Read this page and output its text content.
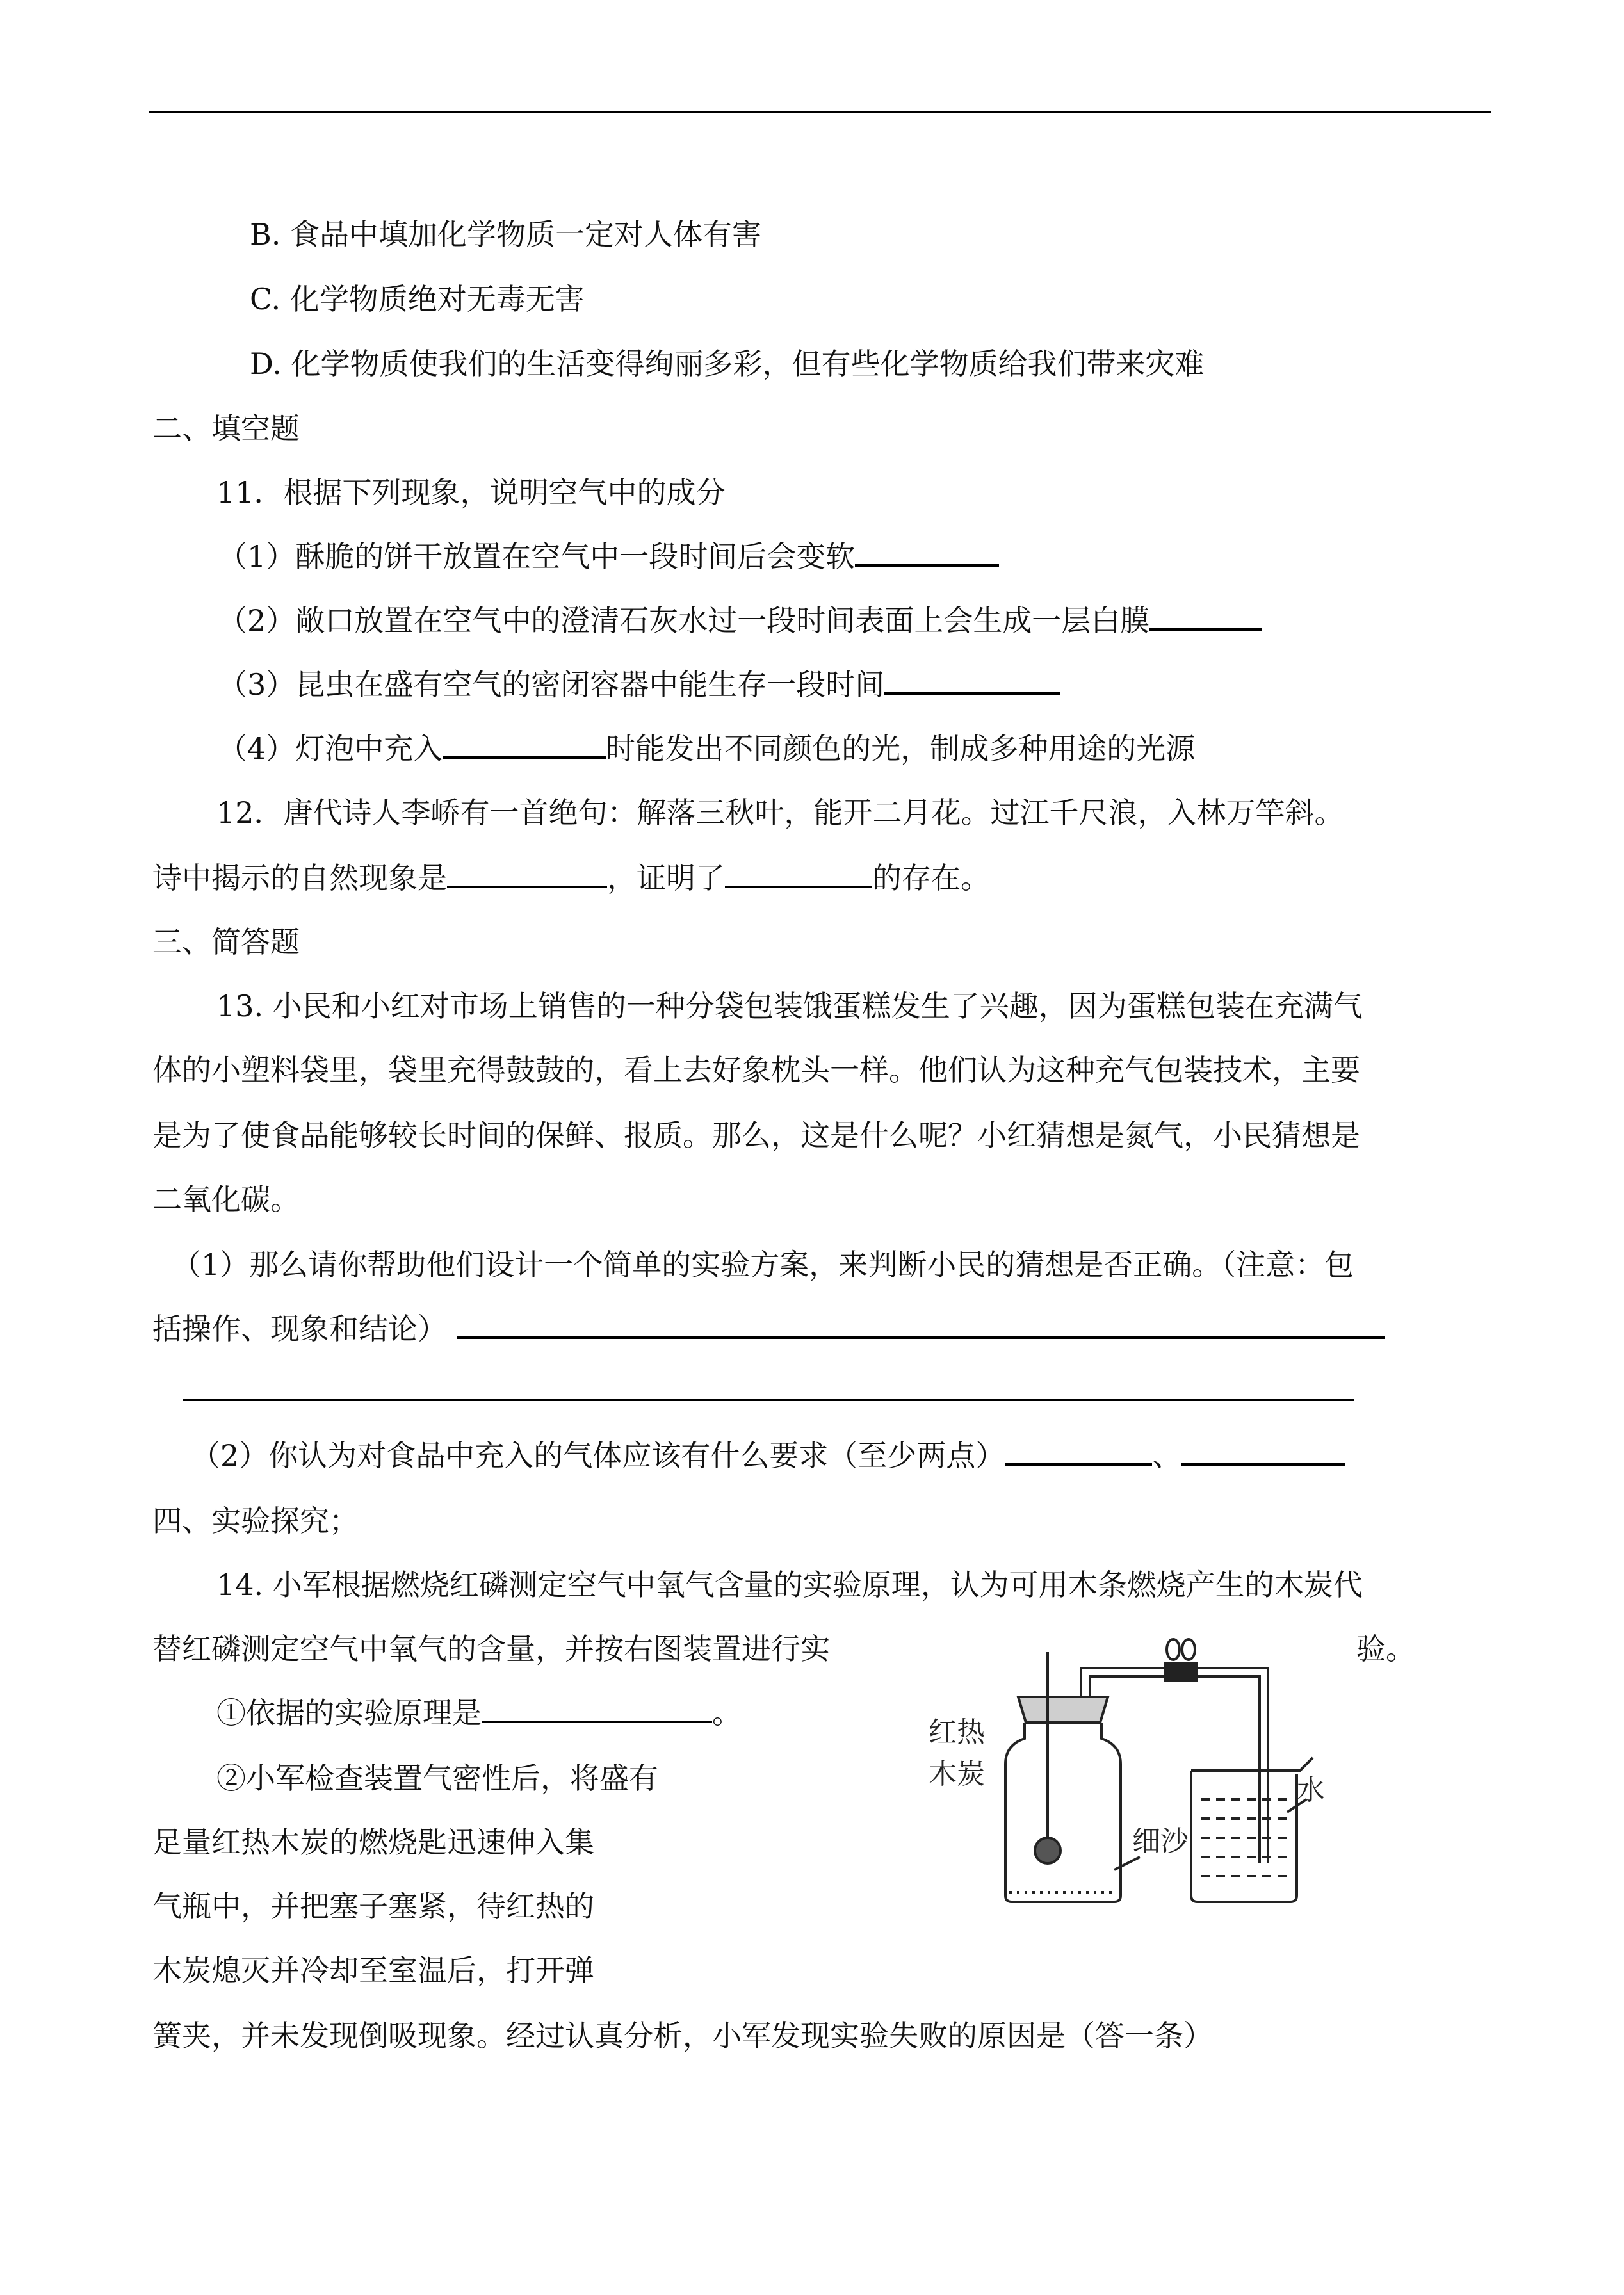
B. 食品中填加化学物质一定对人体有害
C. 化学物质绝对无毒无害
D. 化学物质使我们的生活变得绚丽多彩，但有些化学物质给我们带来灾难
二、填空题
11．根据下列现象，说明空气中的成分
（1）酥脆的饼干放置在空气中一段时间后会变软
（2）敞口放置在空气中的澄清石灰水过一段时间表面上会生成一层白膜
（3）昆虫在盛有空气的密闭容器中能生存一段时间
（4）灯泡中充入	时能发出不同颜色的光，制成多种用途的光源
12．唐代诗人李峤有一首绝句：解落三秋叶，能开二月花。过江千尺浪，入林万竿斜。
诗中揭示的自然现象是	，证明了	的存在。
三、简答题
13. 小民和小红对市场上销售的一种分袋包装饿蛋糕发生了兴趣，因为蛋糕包装在充满气
体的小塑料袋里，袋里充得鼓鼓的，看上去好象枕头一样。他们认为这种充气包装技术，主要
是为了使食品能够较长时间的保鲜、报质。那么，这是什么呢？小红猜想是氮气，小民猜想是
二氧化碳。
（1）那么请你帮助他们设计一个简单的实验方案，来判断小民的猜想是否正确。（注意：包
括操作、现象和结论）
（2）你认为对食品中充入的气体应该有什么要求（至少两点）	、
四、实验探究；
14. 小军根据燃烧红磷测定空气中氧气含量的实验原理，认为可用木条燃烧产生的木炭代
替红磷测定空气中氧气的含量，并按右图装置进行实	验。
①依据的实验原理是	。
②小军检查装置气密性后，将盛有
足量红热木炭的燃烧匙迅速伸入集
气瓶中，并把塞子塞紧，待红热的
木炭熄灭并冷却至室温后，打开弹
簧夹，并未发现倒吸现象。经过认真分析，小军发现实验失败的原因是（答一条）
红热
木炭
细沙
水
